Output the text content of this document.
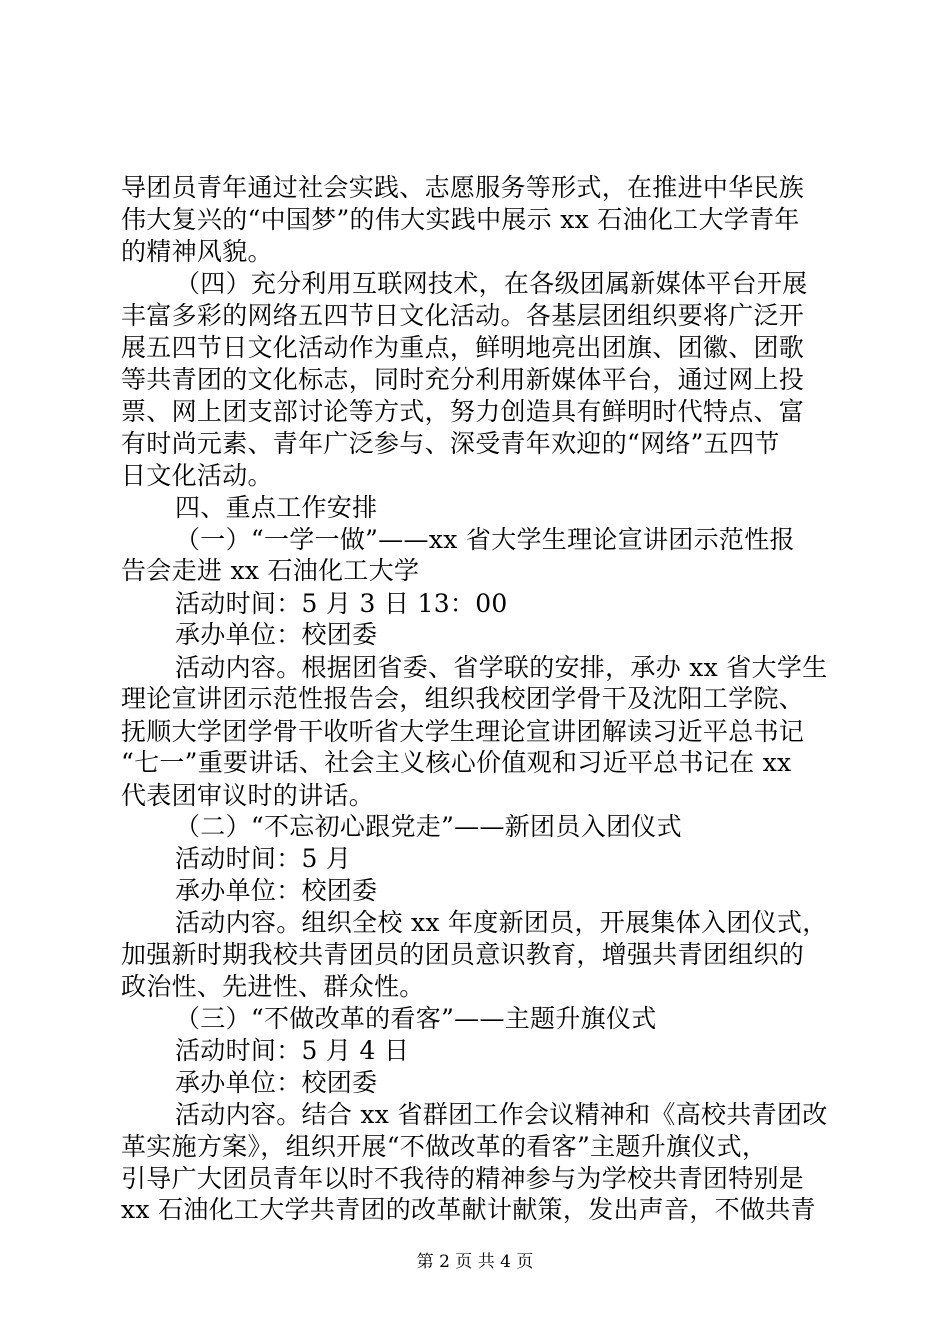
导团员青年通过社会实践、志愿服务等形式，在推进中华民族
伟大复兴的“中国梦”的伟大实践中展示 xx 石油化工大学青年
的精神风貌。
（四）充分利用互联网技术，在各级团属新媒体平台开展
丰富多彩的网络五四节日文化活动。各基层团组织要将广泛开
展五四节日文化活动作为重点，鲜明地亮出团旗、团徽、团歌
等共青团的文化标志，同时充分利用新媒体平台，通过网上投
票、网上团支部讨论等方式，努力创造具有鲜明时代特点、富
有时尚元素、青年广泛参与、深受青年欢迎的“网络”五四节
日文化活动。
四、重点工作安排
（一）“一学一做”——xx 省大学生理论宣讲团示范性报
告会走进 xx 石油化工大学
活动时间：5 月 3 日 13：00
承办单位：校团委
活动内容。根据团省委、省学联的安排，承办 xx 省大学生
理论宣讲团示范性报告会，组织我校团学骨干及沈阳工学院、
抚顺大学团学骨干收听省大学生理论宣讲团解读习近平总书记
“七一”重要讲话、社会主义核心价值观和习近平总书记在 xx
代表团审议时的讲话。
（二）“不忘初心跟党走”——新团员入团仪式
活动时间：5 月
承办单位：校团委
活动内容。组织全校 xx 年度新团员，开展集体入团仪式，
加强新时期我校共青团员的团员意识教育，增强共青团组织的
政治性、先进性、群众性。
（三）“不做改革的看客”——主题升旗仪式
活动时间：5 月 4 日
承办单位：校团委
活动内容。结合 xx 省群团工作会议精神和《高校共青团改
革实施方案》，组织开展“不做改革的看客”主题升旗仪式，
引导广大团员青年以时不我待的精神参与为学校共青团特别是
xx 石油化工大学共青团的改革献计献策，发出声音，不做共青
第 2 页 共 4 页
